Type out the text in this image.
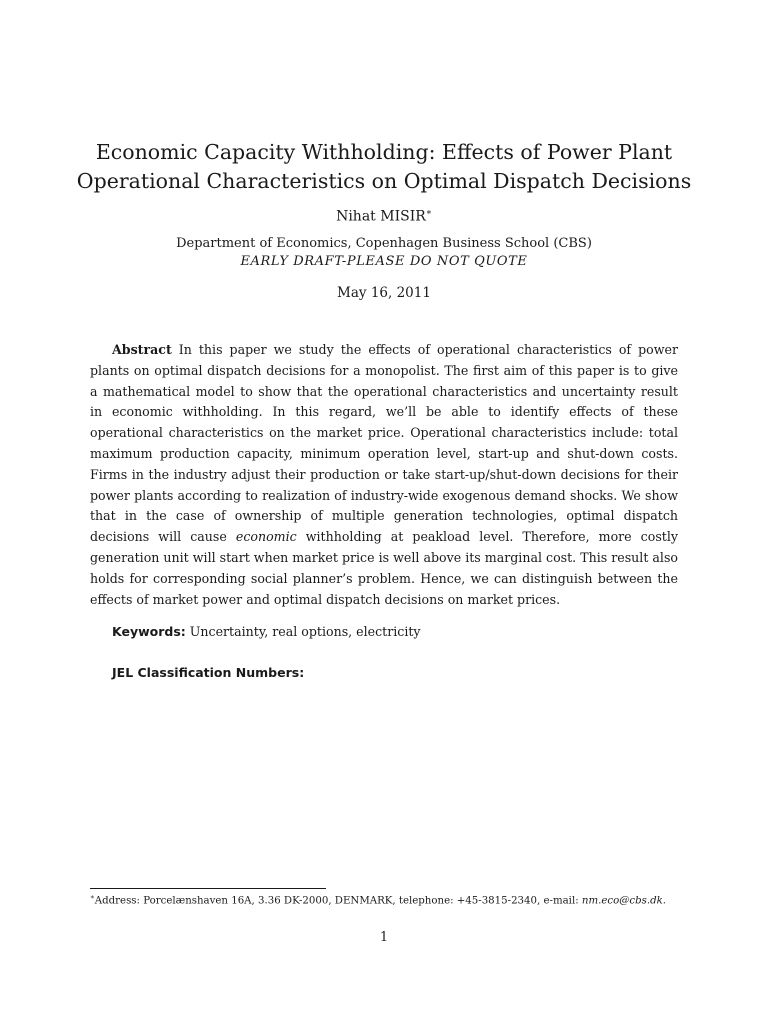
Economic Capacity Withholding: Effects of Power Plant
Operational Characteristics on Optimal Dispatch Decisions
Nihat MISIR∗
Department of Economics, Copenhagen Business School (CBS)
EARLY DRAFT-PLEASE DO NOT QUOTE
May 16, 2011

Abstract In this paper we study the effects of operational characteristics of power plants on optimal dispatch decisions for a monopolist. The first aim of this paper is to give a mathematical model to show that the operational characteristics and uncertainty result in economic withholding. In this regard, we’ll be able to identify effects of these operational characteristics on the market price. Operational characteristics include: total maximum production capacity, minimum operation level, start-up and shut-down costs. Firms in the industry adjust their production or take start-up/shut-down decisions for their power plants according to realization of industry-wide exogenous demand shocks. We show that in the case of ownership of multiple generation technologies, optimal dispatch decisions will cause economic withholding at peakload level. Therefore, more costly generation unit will start when market price is well above its marginal cost. This result also holds for corresponding social planner’s problem. Hence, we can distinguish between the effects of market power and optimal dispatch decisions on market prices.

Keywords: Uncertainty, real options, electricity
JEL Classification Numbers:
∗Address: Porcelænshaven 16A, 3.36 DK-2000, DENMARK, telephone: +45-3815-2340, e-mail: nm.eco@cbs.dk.
1
